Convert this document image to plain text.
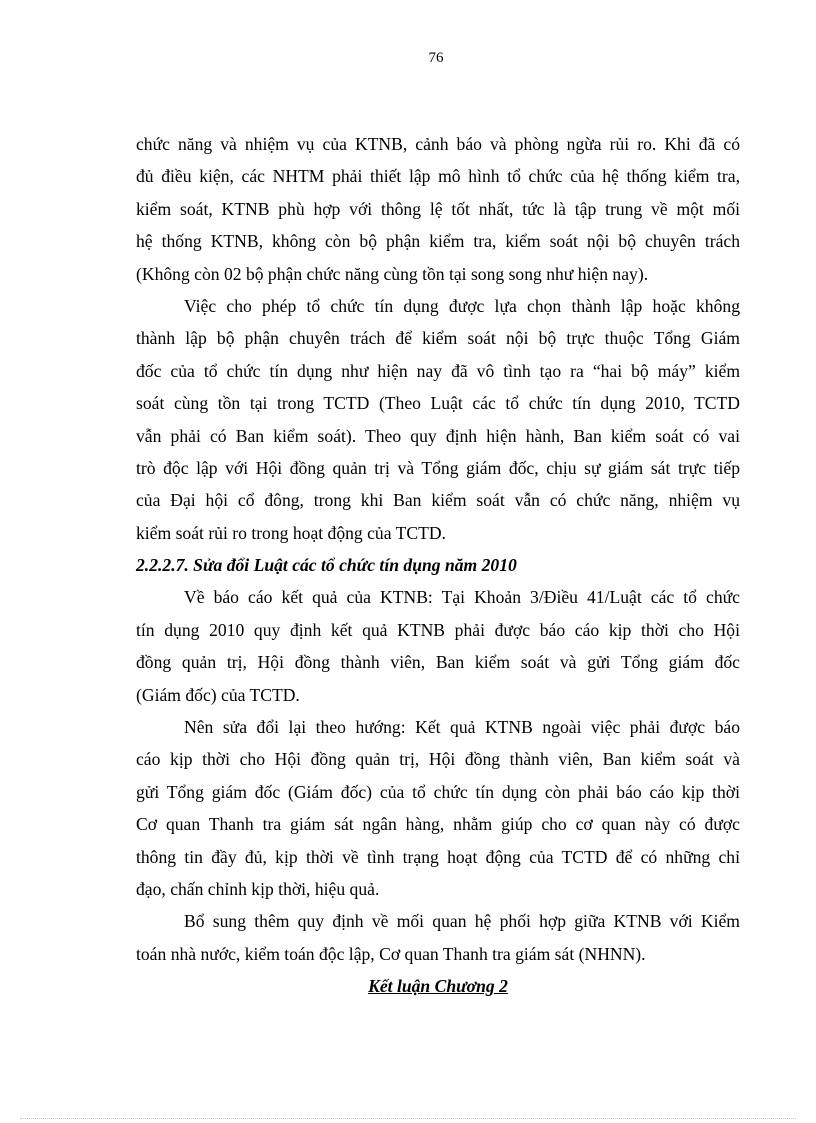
76
chức năng và nhiệm vụ của KTNB, cảnh báo và phòng ngừa rủi ro. Khi đã có
đủ điều kiện, các NHTM phải thiết lập mô hình tổ chức của hệ thống kiểm tra,
kiểm soát, KTNB phù hợp với thông lệ tốt nhất, tức là tập trung về một mối
hệ thống KTNB, không còn bộ phận kiểm tra, kiểm soát nội bộ chuyên trách
(Không còn 02 bộ phận chức năng cùng tồn tại song song như hiện nay).
Việc cho phép tổ chức tín dụng được lựa chọn thành lập hoặc không
thành lập bộ phận chuyên trách để kiểm soát nội bộ trực thuộc Tổng Giám
đốc của tổ chức tín dụng như hiện nay đã vô tình tạo ra “hai bộ máy” kiểm
soát cùng tồn tại trong TCTD (Theo Luật các tổ chức tín dụng 2010, TCTD
vẫn phải có Ban kiểm soát). Theo quy định hiện hành, Ban kiểm soát có vai
trò độc lập với Hội đồng quản trị và Tổng giám đốc, chịu sự giám sát trực tiếp
của Đại hội cổ đông, trong khi Ban kiểm soát vẫn có chức năng, nhiệm vụ
kiểm soát rủi ro trong hoạt động của TCTD.
2.2.2.7. Sửa đổi Luật các tổ chức tín dụng năm 2010
Về báo cáo kết quả của KTNB: Tại Khoản 3/Điều 41/Luật các tổ chức
tín dụng 2010 quy định kết quả KTNB phải được báo cáo kịp thời cho Hội
đồng quản trị, Hội đồng thành viên, Ban kiểm soát và gửi Tổng giám đốc
(Giám đốc) của TCTD.
Nên sửa đổi lại theo hướng: Kết quả KTNB ngoài việc phải được báo
cáo kịp thời cho Hội đồng quản trị, Hội đồng thành viên, Ban kiểm soát và
gửi Tổng giám đốc (Giám đốc) của tổ chức tín dụng còn phải báo cáo kịp thời
Cơ quan Thanh tra giám sát ngân hàng, nhằm giúp cho cơ quan này có được
thông tin đầy đủ, kịp thời về tình trạng hoạt động của TCTD để có những chỉ
đạo, chấn chỉnh kịp thời, hiệu quả.
Bổ sung thêm quy định về mối quan hệ phối hợp giữa KTNB với Kiểm
toán nhà nước, kiểm toán độc lập, Cơ quan Thanh tra giám sát (NHNN).
Kết luận Chương 2
